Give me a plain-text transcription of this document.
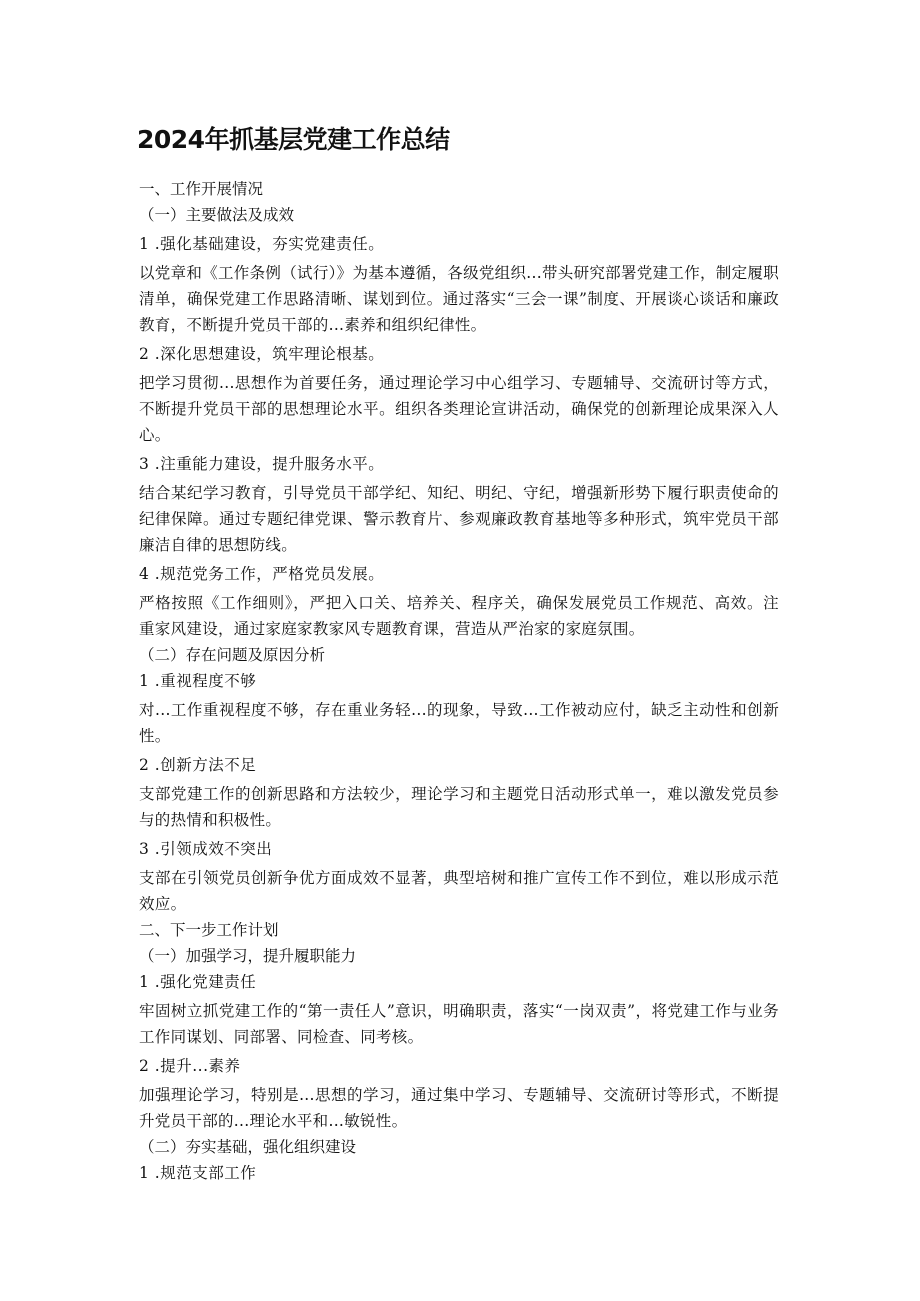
2024年抓基层党建工作总结

一、工作开展情况

（一）主要做法及成效

1 .强化基础建设，夯实党建责任。

以党章和《工作条例（试行）》为基本遵循，各级党组织...带头研究部署党建工作，制定履职清单，确保党建工作思路清晰、谋划到位。通过落实“三会一课”制度、开展谈心谈话和廉政教育，不断提升党员干部的...素养和组织纪律性。

2 .深化思想建设，筑牢理论根基。

把学习贯彻...思想作为首要任务，通过理论学习中心组学习、专题辅导、交流研讨等方式，不断提升党员干部的思想理论水平。组织各类理论宣讲活动，确保党的创新理论成果深入人心。

3 .注重能力建设，提升服务水平。

结合某纪学习教育，引导党员干部学纪、知纪、明纪、守纪，增强新形势下履行职责使命的纪律保障。通过专题纪律党课、警示教育片、参观廉政教育基地等多种形式，筑牢党员干部廉洁自律的思想防线。

4 .规范党务工作，严格党员发展。

严格按照《工作细则》，严把入口关、培养关、程序关，确保发展党员工作规范、高效。注重家风建设，通过家庭家教家风专题教育课，营造从严治家的家庭氛围。

（二）存在问题及原因分析

1 .重视程度不够

对...工作重视程度不够，存在重业务轻...的现象，导致...工作被动应付，缺乏主动性和创新性。

2 .创新方法不足

支部党建工作的创新思路和方法较少，理论学习和主题党日活动形式单一，难以激发党员参与的热情和积极性。

3 .引领成效不突出

支部在引领党员创新争优方面成效不显著，典型培树和推广宣传工作不到位，难以形成示范效应。

二、下一步工作计划

（一）加强学习，提升履职能力

1 .强化党建责任

牢固树立抓党建工作的“第一责任人”意识，明确职责，落实“一岗双责”，将党建工作与业务工作同谋划、同部署、同检查、同考核。

2 .提升...素养

加强理论学习，特别是...思想的学习，通过集中学习、专题辅导、交流研讨等形式，不断提升党员干部的...理论水平和...敏锐性。

（二）夯实基础，强化组织建设

1 .规范支部工作
